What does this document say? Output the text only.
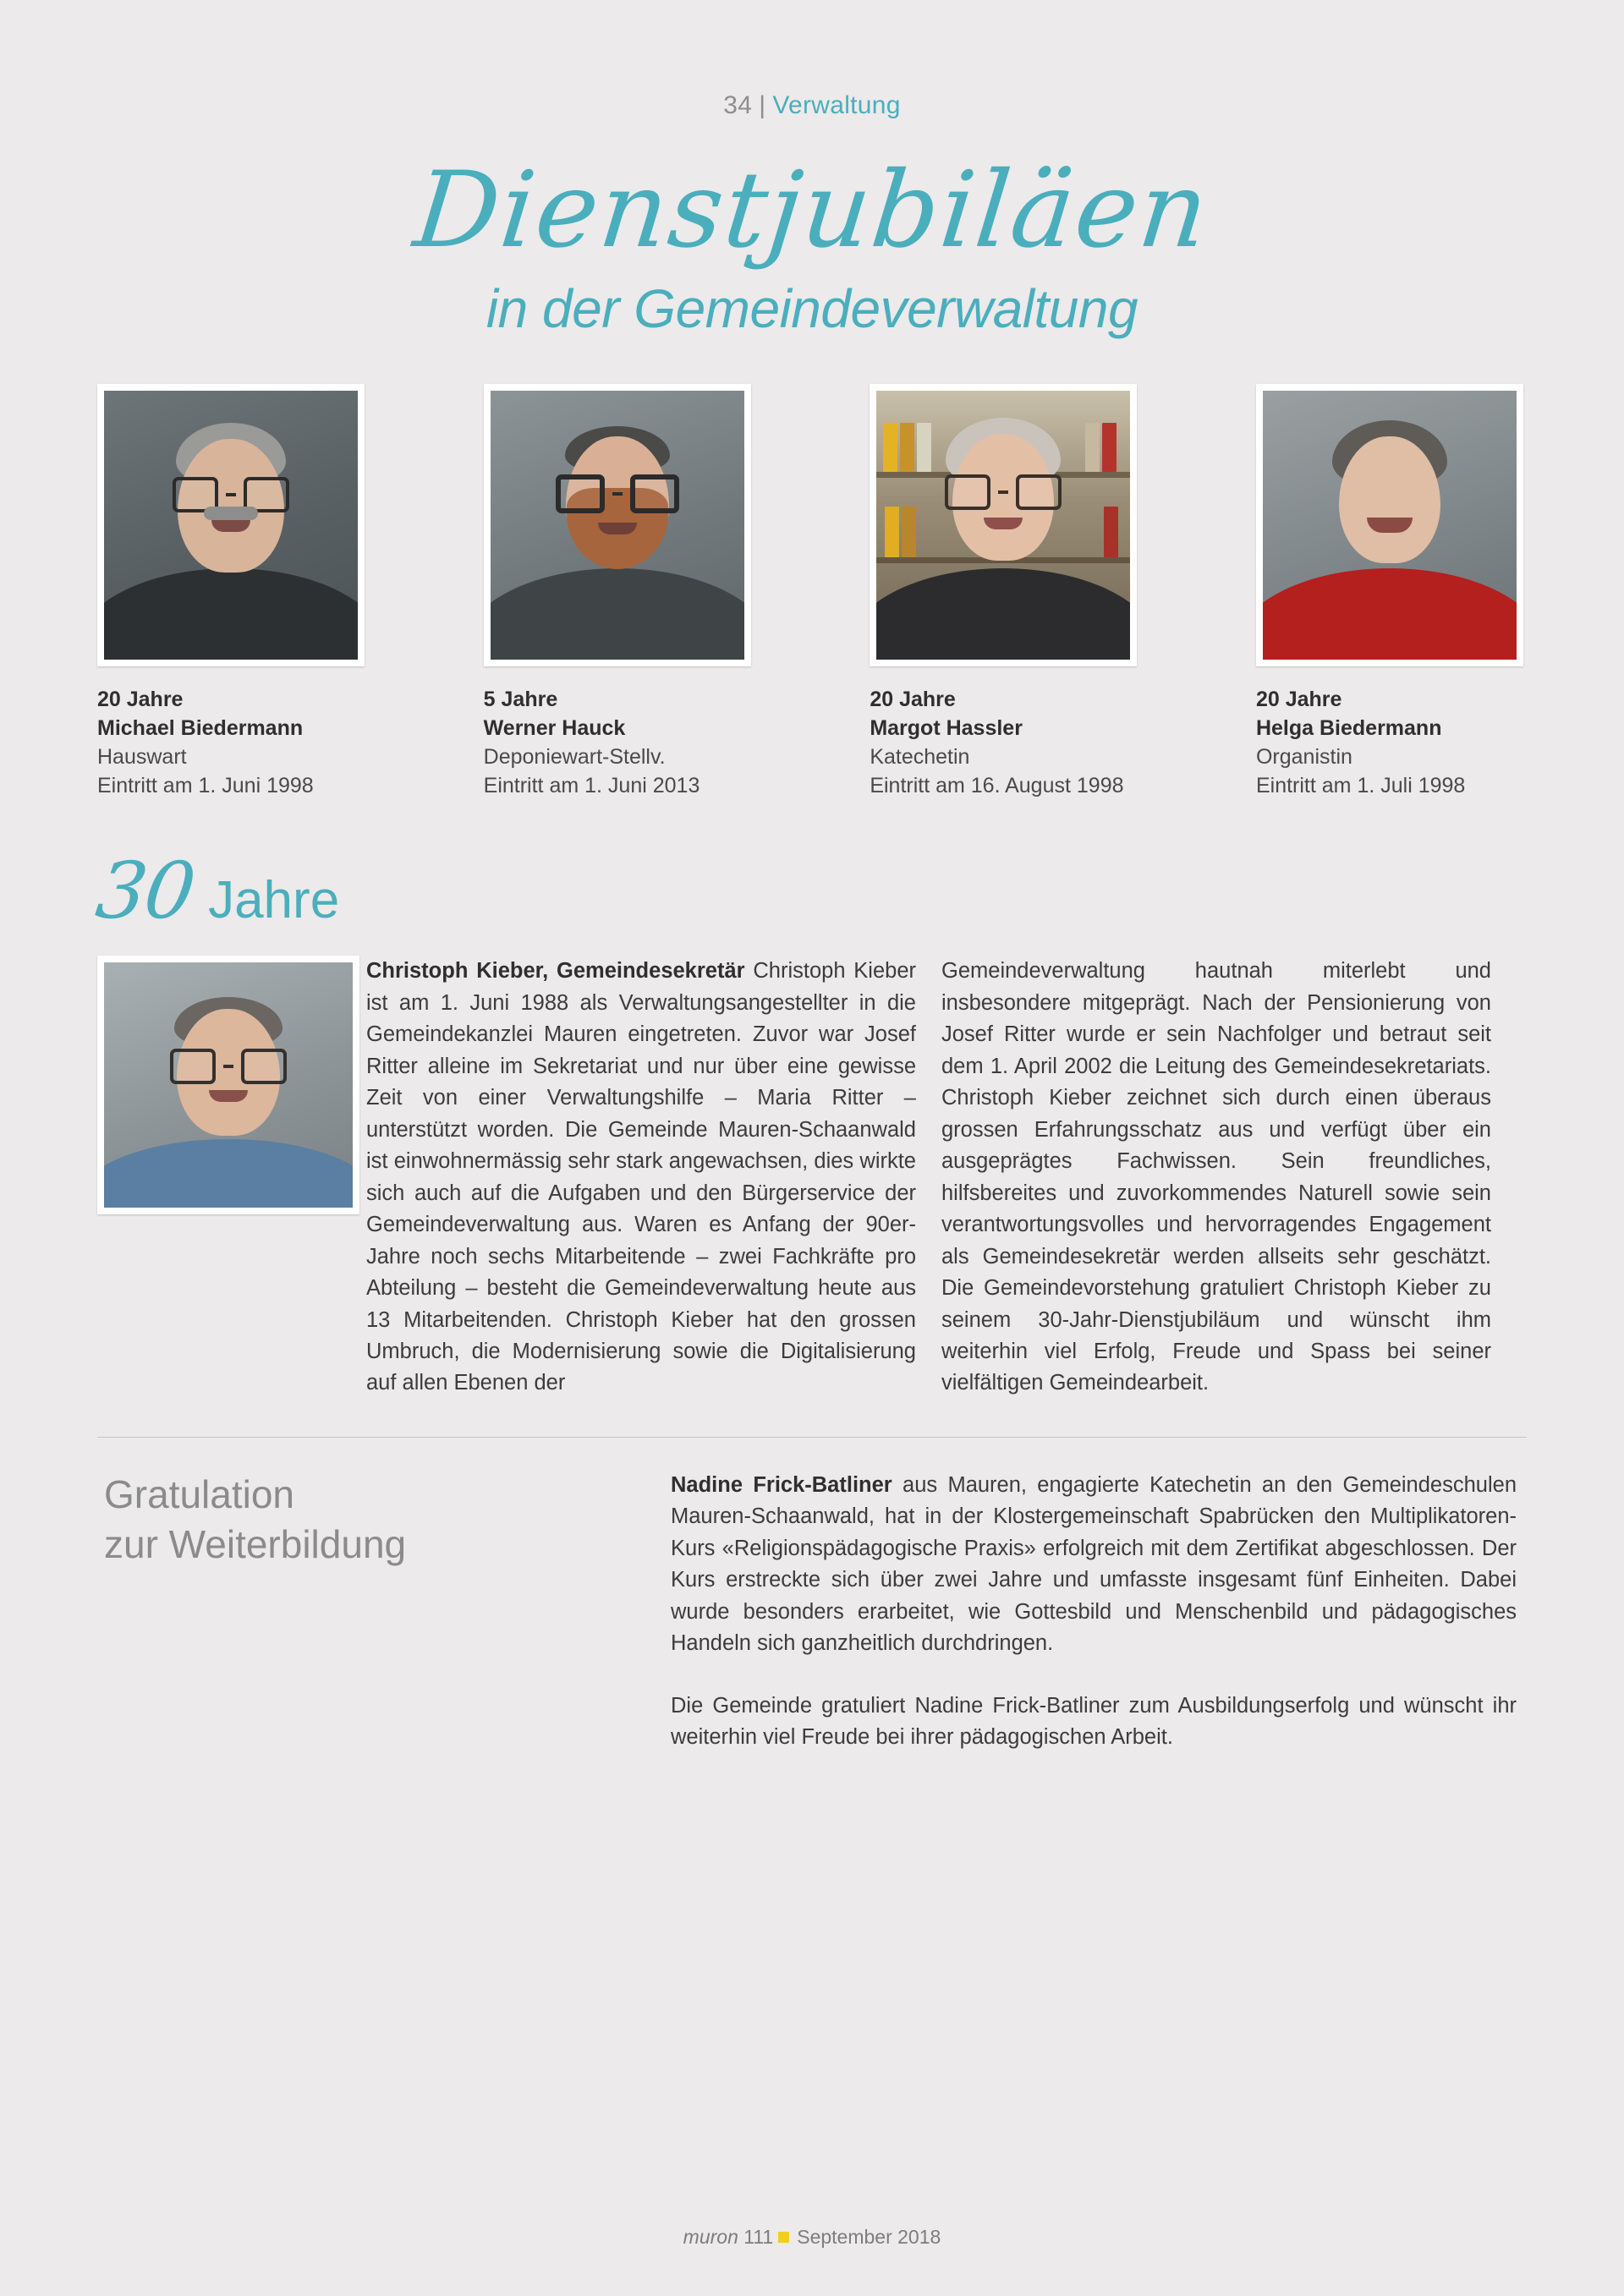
34 | Verwaltung
Dienstjubiläen
in der Gemeindeverwaltung
20 Jahre
Michael Biedermann
Hauswart
Eintritt am 1. Juni 1998
5 Jahre
Werner Hauck
Deponiewart-Stellv.
Eintritt am 1. Juni 2013
20 Jahre
Margot Hassler
Katechetin
Eintritt am 16. August 1998
20 Jahre
Helga Biedermann
Organistin
Eintritt am 1. Juli 1998
30 Jahre
Christoph Kieber, Gemeindesekretär Christoph Kieber ist am 1. Juni 1988 als Verwaltungsangestellter in die Gemeindekanzlei Mauren eingetreten. Zuvor war Josef Ritter alleine im Sekretariat und nur über eine gewisse Zeit von einer Verwaltungshilfe – Maria Ritter – unterstützt worden. Die Gemeinde Mauren-Schaanwald ist einwohnermässig sehr stark angewachsen, dies wirkte sich auch auf die Aufgaben und den Bürgerservice der Gemeindeverwaltung aus. Waren es Anfang der 90er-Jahre noch sechs Mitarbeitende – zwei Fachkräfte pro Abteilung – besteht die Gemeindeverwaltung heute aus 13 Mitarbeitenden. Christoph Kieber hat den grossen Umbruch, die Modernisierung sowie die Digitalisierung auf allen Ebenen der
Gemeindeverwaltung hautnah miterlebt und insbesondere mitgeprägt. Nach der Pensionierung von Josef Ritter wurde er sein Nachfolger und betraut seit dem 1. April 2002 die Leitung des Gemeindesekretariats. Christoph Kieber zeichnet sich durch einen überaus grossen Erfahrungsschatz aus und verfügt über ein ausgeprägtes Fachwissen. Sein freundliches, hilfsbereites und zuvorkommendes Naturell sowie sein verantwortungsvolles und hervorragendes Engagement als Gemeindesekretär werden allseits sehr geschätzt. Die Gemeindevorstehung gratuliert Christoph Kieber zu seinem 30-Jahr-Dienstjubiläum und wünscht ihm weiterhin viel Erfolg, Freude und Spass bei seiner vielfältigen Gemeindearbeit.
Gratulation
zur Weiterbildung

Nadine Frick-Batliner aus Mauren, engagierte Katechetin an den Gemeindeschulen Mauren-Schaanwald, hat in der Klostergemeinschaft Spabrücken den Multiplikatoren-Kurs «Religionspädagogische Praxis» erfolgreich mit dem Zertifikat abgeschlossen. Der Kurs erstreckte sich über zwei Jahre und umfasste insgesamt fünf Einheiten. Dabei wurde besonders erarbeitet, wie Gottesbild und Menschenbild und pädagogisches Handeln sich ganzheitlich durchdringen.

Die Gemeinde gratuliert Nadine Frick-Batliner zum Ausbildungserfolg und wünscht ihr weiterhin viel Freude bei ihrer pädagogischen Arbeit.

muron 111 September 2018
